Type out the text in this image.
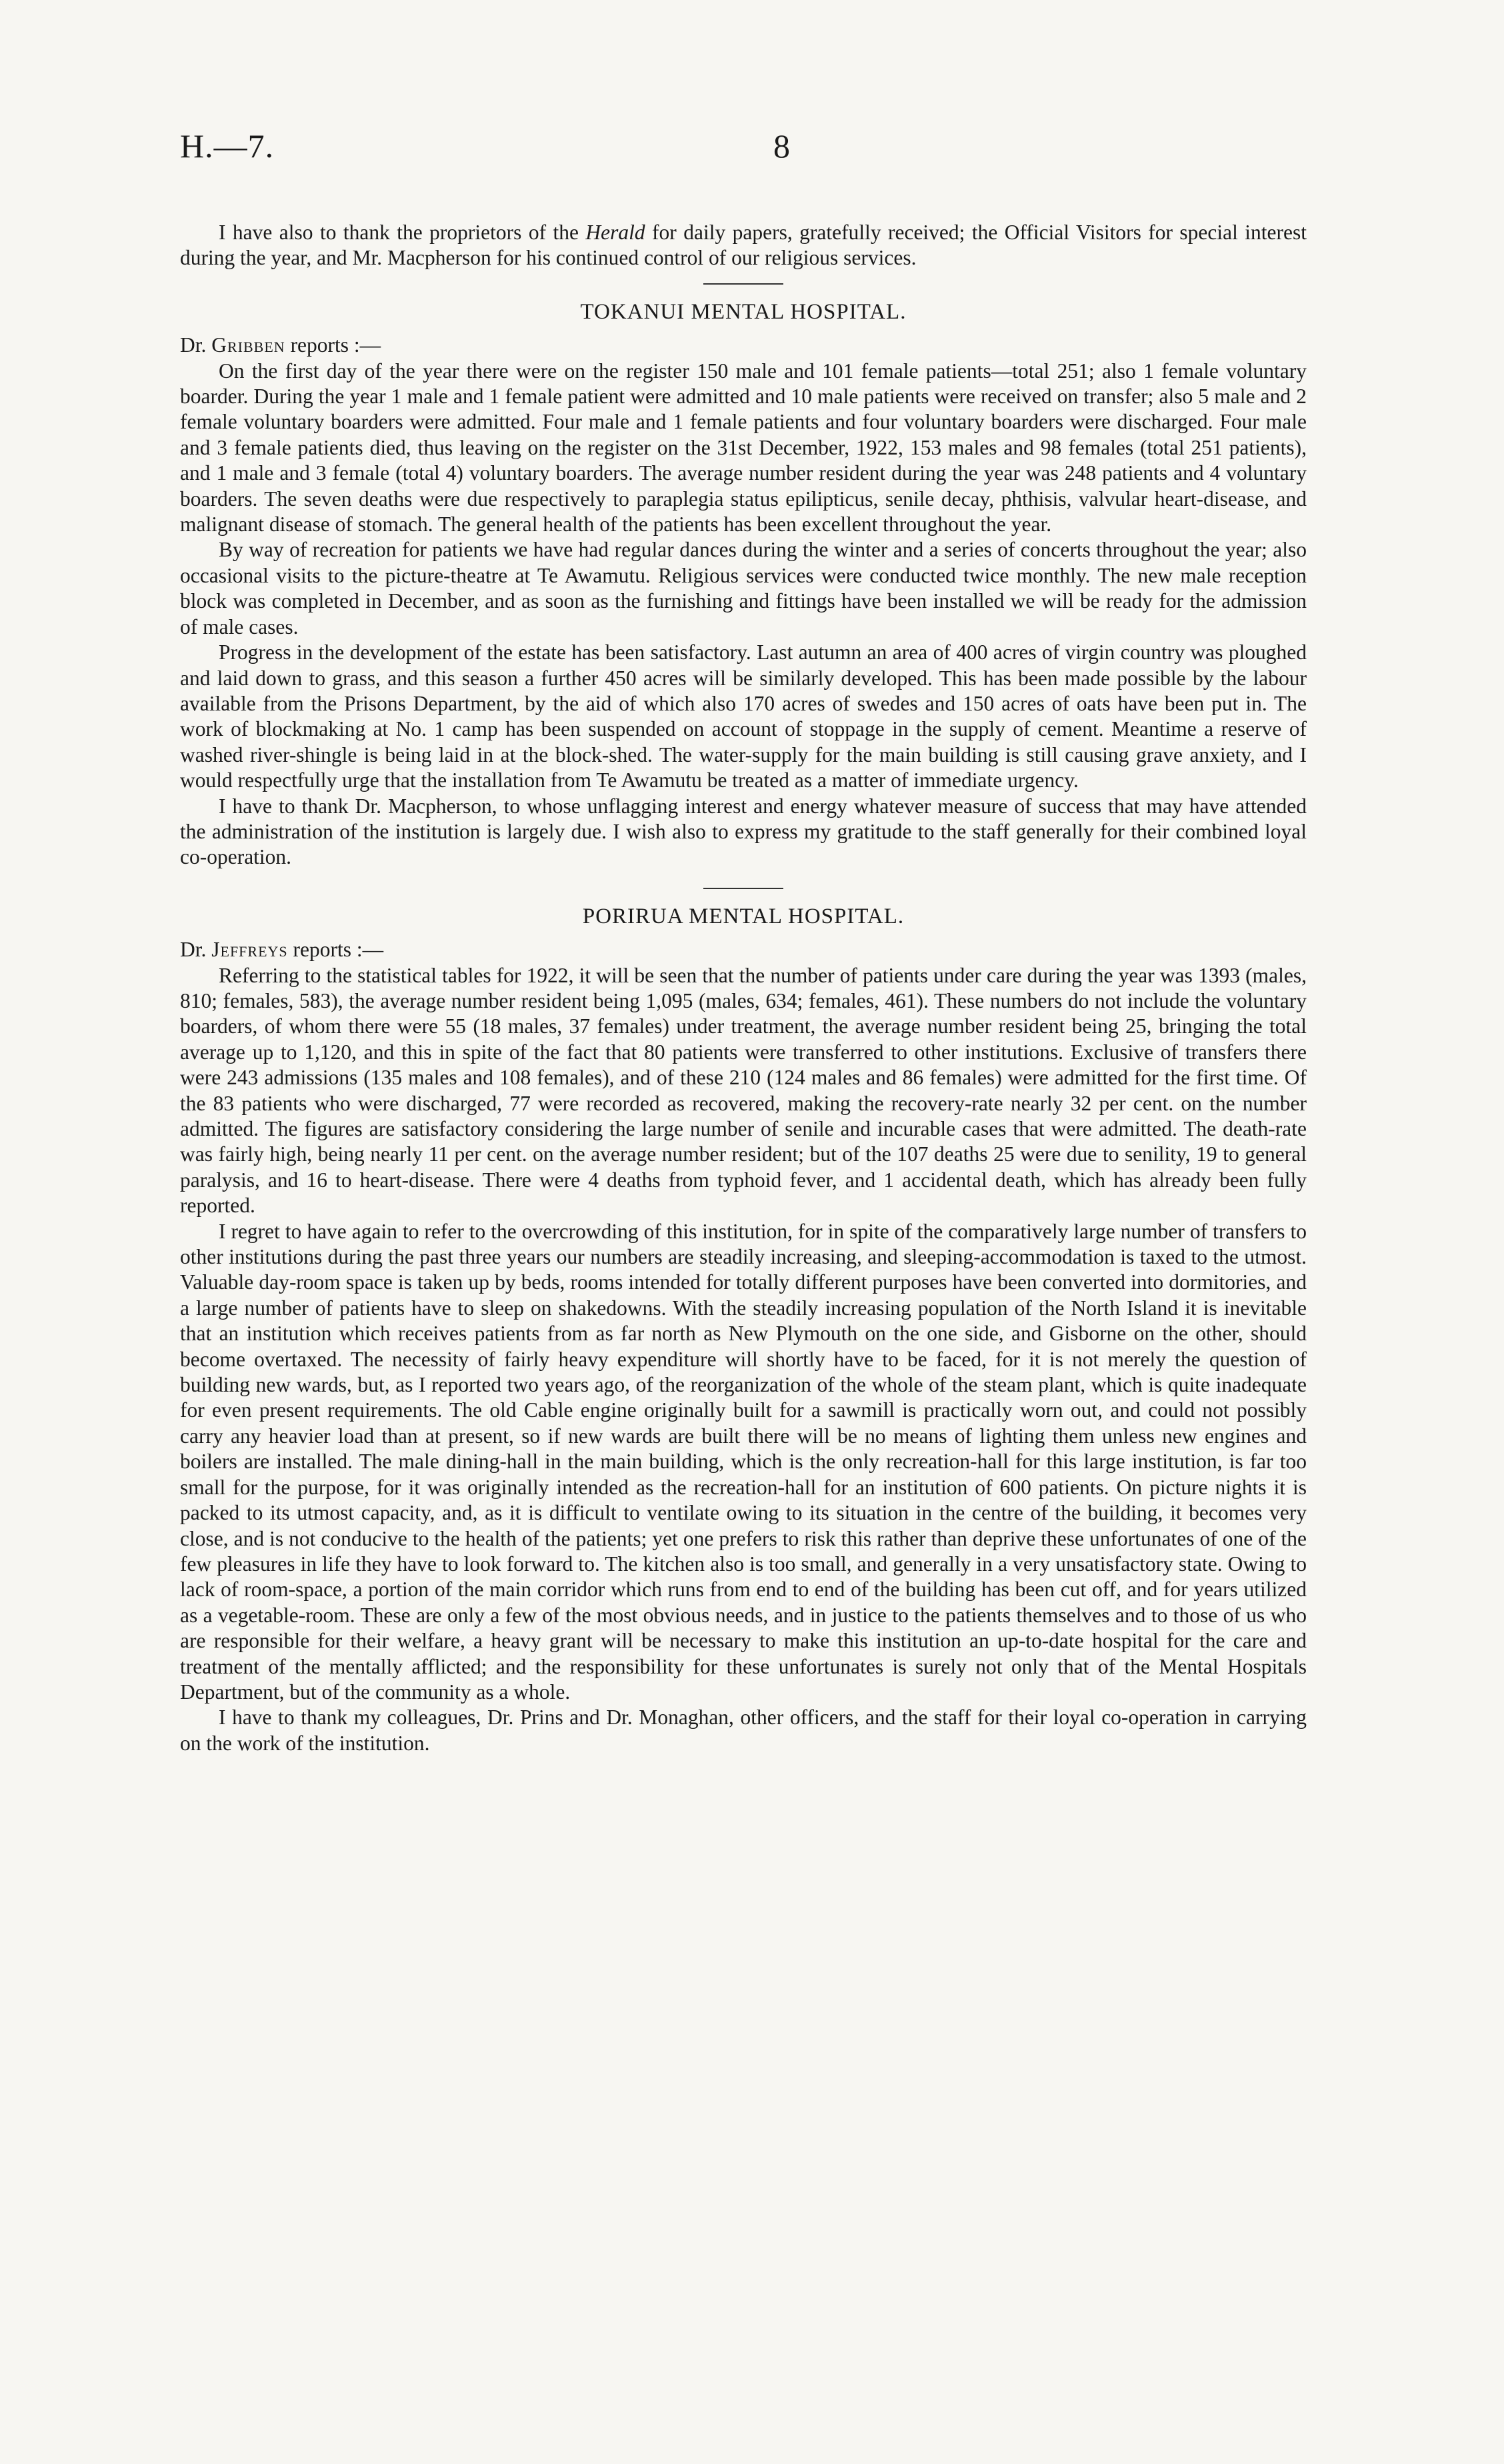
H.—7.	8

I have also to thank the proprietors of the Herald for daily papers, gratefully received; the Official Visitors for special interest during the year, and Mr. Macpherson for his continued control of our religious services.

TOKANUI MENTAL HOSPITAL.

Dr. Gribben reports :—

On the first day of the year there were on the register 150 male and 101 female patients—total 251; also 1 female voluntary boarder. During the year 1 male and 1 female patient were admitted and 10 male patients were received on transfer; also 5 male and 2 female voluntary boarders were admitted. Four male and 1 female patients and four voluntary boarders were discharged. Four male and 3 female patients died, thus leaving on the register on the 31st December, 1922, 153 males and 98 females (total 251 patients), and 1 male and 3 female (total 4) voluntary boarders. The average number resident during the year was 248 patients and 4 voluntary boarders. The seven deaths were due respectively to paraplegia status epilipticus, senile decay, phthisis, valvular heart-disease, and malignant disease of stomach. The general health of the patients has been excellent throughout the year.

By way of recreation for patients we have had regular dances during the winter and a series of concerts throughout the year; also occasional visits to the picture-theatre at Te Awamutu. Religious services were conducted twice monthly. The new male reception block was completed in December, and as soon as the furnishing and fittings have been installed we will be ready for the admission of male cases.

Progress in the development of the estate has been satisfactory. Last autumn an area of 400 acres of virgin country was ploughed and laid down to grass, and this season a further 450 acres will be similarly developed. This has been made possible by the labour available from the Prisons Department, by the aid of which also 170 acres of swedes and 150 acres of oats have been put in. The work of blockmaking at No. 1 camp has been suspended on account of stoppage in the supply of cement. Meantime a reserve of washed river-shingle is being laid in at the block-shed. The water-supply for the main building is still causing grave anxiety, and I would respectfully urge that the installation from Te Awamutu be treated as a matter of immediate urgency.

I have to thank Dr. Macpherson, to whose unflagging interest and energy whatever measure of success that may have attended the administration of the institution is largely due. I wish also to express my gratitude to the staff generally for their combined loyal co-operation.

PORIRUA MENTAL HOSPITAL.

Dr. Jeffreys reports :—

Referring to the statistical tables for 1922, it will be seen that the number of patients under care during the year was 1393 (males, 810; females, 583), the average number resident being 1,095 (males, 634; females, 461). These numbers do not include the voluntary boarders, of whom there were 55 (18 males, 37 females) under treatment, the average number resident being 25, bringing the total average up to 1,120, and this in spite of the fact that 80 patients were transferred to other institutions. Exclusive of transfers there were 243 admissions (135 males and 108 females), and of these 210 (124 males and 86 females) were admitted for the first time. Of the 83 patients who were discharged, 77 were recorded as recovered, making the recovery-rate nearly 32 per cent. on the number admitted. The figures are satisfactory considering the large number of senile and incurable cases that were admitted. The death-rate was fairly high, being nearly 11 per cent. on the average number resident; but of the 107 deaths 25 were due to senility, 19 to general paralysis, and 16 to heart-disease. There were 4 deaths from typhoid fever, and 1 accidental death, which has already been fully reported.

I regret to have again to refer to the overcrowding of this institution, for in spite of the comparatively large number of transfers to other institutions during the past three years our numbers are steadily increasing, and sleeping-accommodation is taxed to the utmost. Valuable day-room space is taken up by beds, rooms intended for totally different purposes have been converted into dormitories, and a large number of patients have to sleep on shakedowns. With the steadily increasing population of the North Island it is inevitable that an institution which receives patients from as far north as New Plymouth on the one side, and Gisborne on the other, should become overtaxed. The necessity of fairly heavy expenditure will shortly have to be faced, for it is not merely the question of building new wards, but, as I reported two years ago, of the reorganization of the whole of the steam plant, which is quite inadequate for even present requirements. The old Cable engine originally built for a sawmill is practically worn out, and could not possibly carry any heavier load than at present, so if new wards are built there will be no means of lighting them unless new engines and boilers are installed. The male dining-hall in the main building, which is the only recreation-hall for this large institution, is far too small for the purpose, for it was originally intended as the recreation-hall for an institution of 600 patients. On picture nights it is packed to its utmost capacity, and, as it is difficult to ventilate owing to its situation in the centre of the building, it becomes very close, and is not conducive to the health of the patients; yet one prefers to risk this rather than deprive these unfortunates of one of the few pleasures in life they have to look forward to. The kitchen also is too small, and generally in a very unsatisfactory state. Owing to lack of room-space, a portion of the main corridor which runs from end to end of the building has been cut off, and for years utilized as a vegetable-room. These are only a few of the most obvious needs, and in justice to the patients themselves and to those of us who are responsible for their welfare, a heavy grant will be necessary to make this institution an up-to-date hospital for the care and treatment of the mentally afflicted; and the responsibility for these unfortunates is surely not only that of the Mental Hospitals Department, but of the community as a whole.

I have to thank my colleagues, Dr. Prins and Dr. Monaghan, other officers, and the staff for their loyal co-operation in carrying on the work of the institution.
